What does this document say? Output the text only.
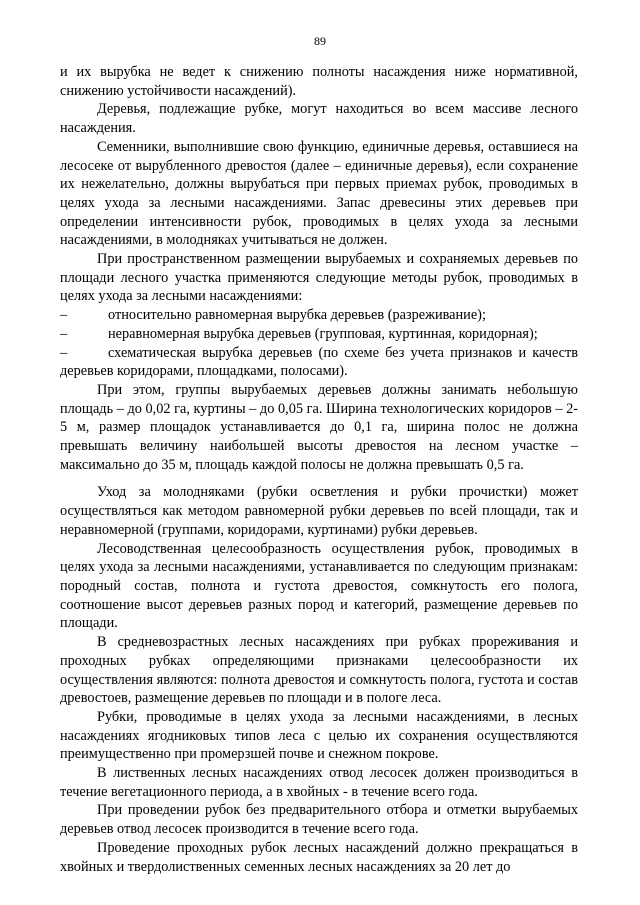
89

и их вырубка не ведет к снижению полноты насаждения ниже нормативной, снижению устойчивости насаждений).

Деревья, подлежащие рубке, могут находиться во всем массиве лесного насаждения.

Семенники, выполнившие свою функцию, единичные деревья, оставшиеся на лесосеке от вырубленного древостоя (далее – единичные деревья), если сохранение их нежелательно, должны вырубаться при первых приемах рубок, проводимых в целях ухода за лесными насаждениями. Запас древесины этих деревьев при определении интенсивности рубок, проводимых в целях ухода за лесными насаждениями, в молодняках учитываться не должен.

При пространственном размещении вырубаемых и сохраняемых деревьев по площади лесного участка применяются следующие методы рубок, проводимых в целях ухода за лесными насаждениями:

–	относительно равномерная вырубка деревьев (разреживание);

–	неравномерная вырубка деревьев (групповая, куртинная, коридорная);

–	схематическая вырубка деревьев (по схеме без учета признаков и качеств деревьев коридорами, площадками, полосами).

При этом, группы вырубаемых деревьев должны занимать небольшую площадь – до 0,02 га, куртины – до 0,05 га. Ширина технологических коридоров – 2-5 м, размер площадок устанавливается до 0,1 га, ширина полос не должна превышать величину наибольшей высоты древостоя на лесном участке – максимально до 35 м, площадь каждой полосы не должна превышать 0,5 га.

Уход за молодняками (рубки осветления и рубки прочистки) может осуществляться как методом равномерной рубки деревьев по всей площади, так и неравномерной (группами, коридорами, куртинами) рубки деревьев.

Лесоводственная целесообразность осуществления рубок, проводимых в целях ухода за лесными насаждениями, устанавливается по следующим признакам: породный состав, полнота и густота древостоя, сомкнутость его полога, соотношение высот деревьев разных пород и категорий, размещение деревьев по площади.

В средневозрастных лесных насаждениях при рубках прореживания и проходных рубках определяющими признаками целесообразности их осуществления являются: полнота древостоя и сомкнутость полога, густота и состав древостоев, размещение деревьев по площади и в пологе леса.

Рубки, проводимые в целях ухода за лесными насаждениями, в лесных насаждениях ягодниковых типов леса с целью их сохранения осуществляются преимущественно при промерзшей почве и снежном покрове.

В лиственных лесных насаждениях отвод лесосек должен производиться в течение вегетационного периода, а в хвойных - в течение всего года.

При проведении рубок без предварительного отбора и отметки вырубаемых деревьев отвод лесосек производится в течение всего года.

Проведение проходных рубок лесных насаждений должно прекращаться в хвойных и твердолиственных семенных лесных насаждениях за 20 лет до
